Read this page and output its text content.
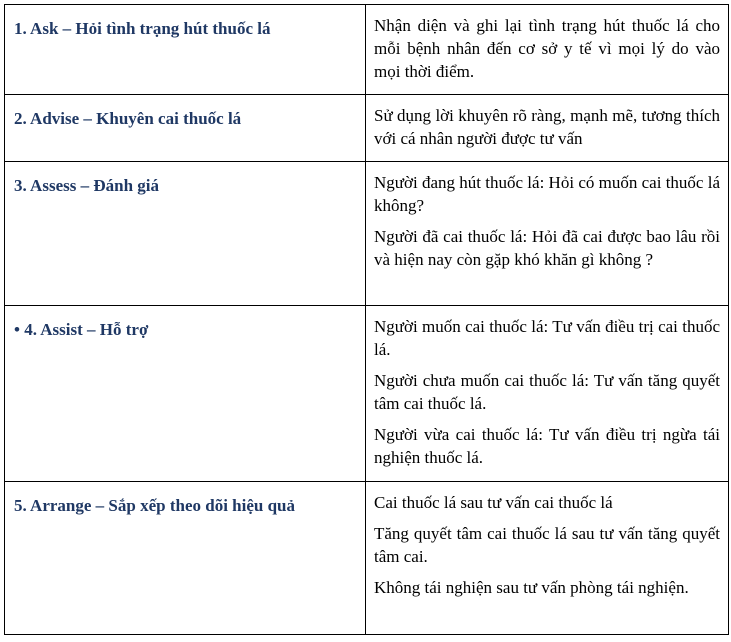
1. Ask – Hỏi tình trạng hút thuốc lá	Nhận diện và ghi lại tình trạng hút thuốc lá cho mỗi bệnh nhân đến cơ sở y tế vì mọi lý do vào mọi thời điểm.

2. Advise – Khuyên cai thuốc lá	Sử dụng lời khuyên rõ ràng, mạnh mẽ, tương thích với cá nhân người được tư vấn

3. Assess – Đánh giá	Người đang hút thuốc lá: Hỏi có muốn cai thuốc lá không?

Người đã cai thuốc lá: Hỏi đã cai được bao lâu rồi và hiện nay còn gặp khó khăn gì không ?

• 4. Assist – Hỗ trợ	Người muốn cai thuốc lá: Tư vấn điều trị cai thuốc lá.

Người chưa muốn cai thuốc lá: Tư vấn tăng quyết tâm cai thuốc lá.

Người vừa cai thuốc lá: Tư vấn điều trị ngừa tái nghiện thuốc lá.

5. Arrange – Sắp xếp theo dõi hiệu quả	Cai thuốc lá sau tư vấn cai thuốc lá

Tăng quyết tâm cai thuốc lá sau tư vấn tăng quyết tâm cai.

Không tái nghiện sau tư vấn phòng tái nghiện.
